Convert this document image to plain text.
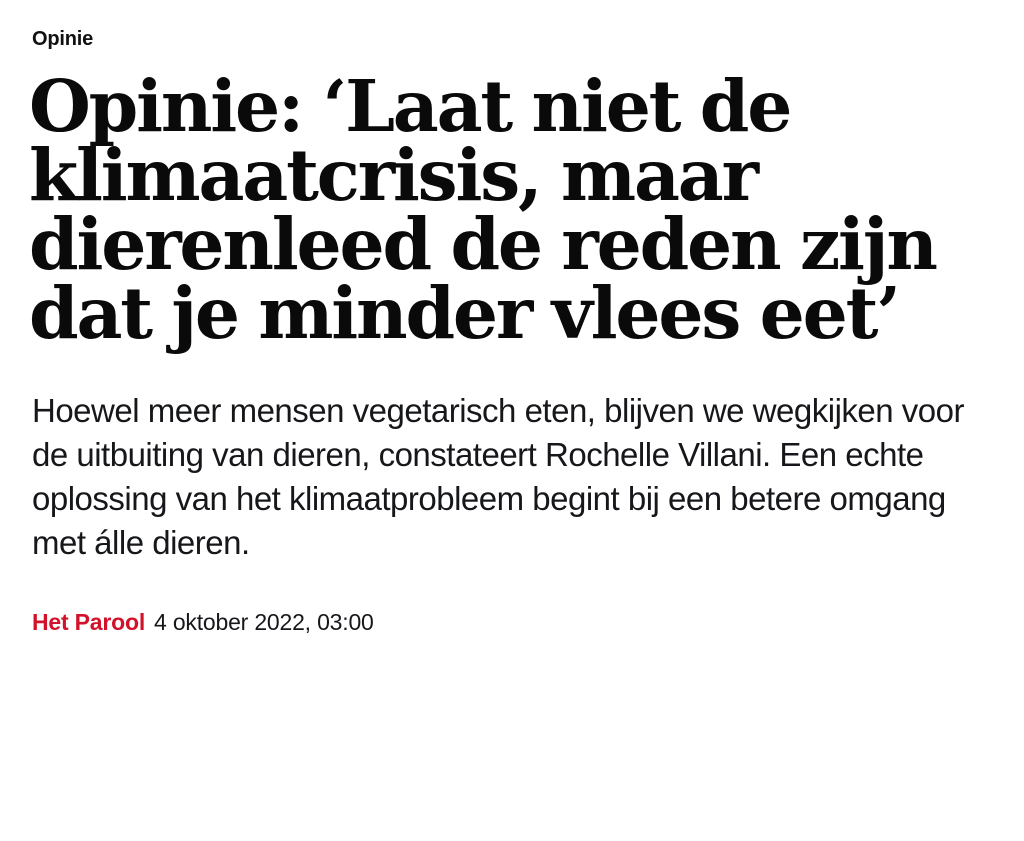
Opinie
Opinie: ‘Laat niet de klimaatcrisis, maar dierenleed de reden zijn dat je minder vlees eet’

Hoewel meer mensen vegetarisch eten, blijven we wegkijken voor de uitbuiting van dieren, constateert Rochelle Villani. Een echte oplossing van het klimaatprobleem begint bij een betere omgang met álle dieren.

Het Parool 4 oktober 2022, 03:00
